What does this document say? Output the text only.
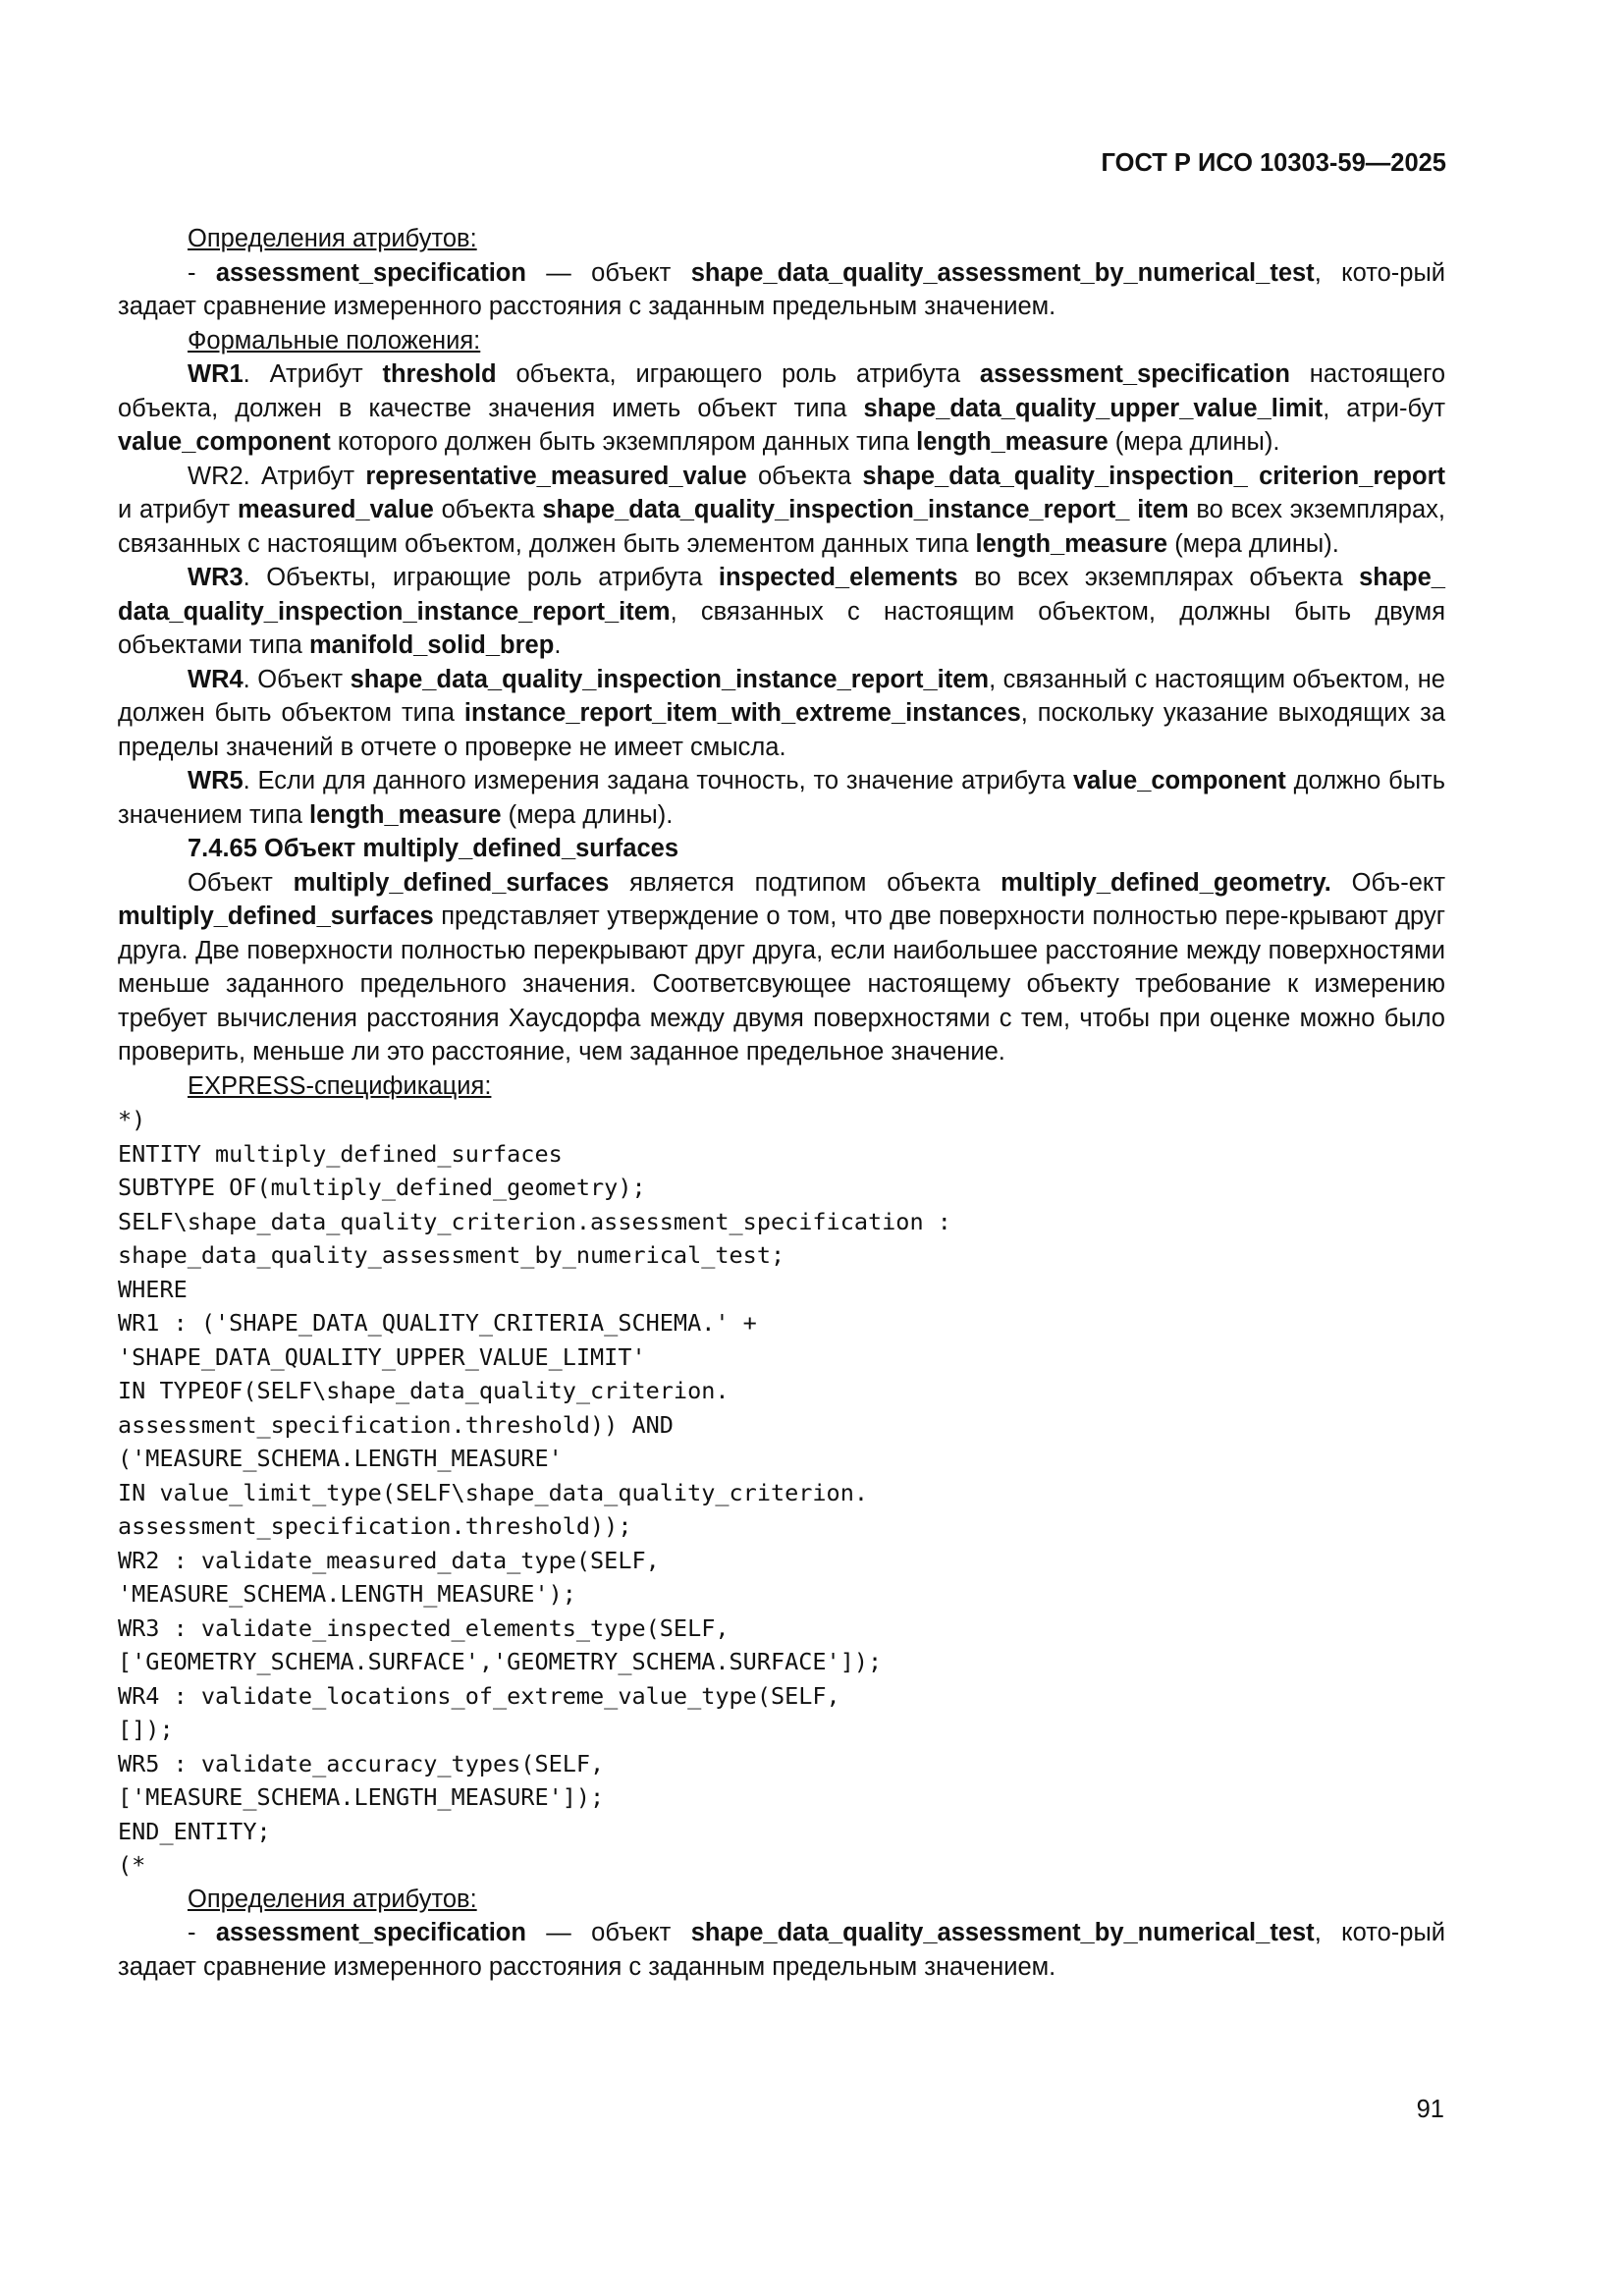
ГОСТ Р ИСО 10303-59—2025
Определения атрибутов:
- assessment_specification — объект shape_data_quality_assessment_by_numerical_test, кото-рый задает сравнение измеренного расстояния с заданным предельным значением.
Формальные положения:
WR1. Атрибут threshold объекта, играющего роль атрибута assessment_specification настоящего объекта, должен в качестве значения иметь объект типа shape_data_quality_upper_value_limit, атри-бут value_component которого должен быть экземпляром данных типа length_measure (мера длины).
WR2. Атрибут representative_measured_value объекта shape_data_quality_inspection_ criterion_report и атрибут measured_value объекта shape_data_quality_inspection_instance_report_ item во всех экземплярах, связанных с настоящим объектом, должен быть элементом данных типа length_measure (мера длины).
WR3. Объекты, играющие роль атрибута inspected_elements во всех экземплярах объекта shape_ data_quality_inspection_instance_report_item, связанных с настоящим объектом, должны быть двумя объектами типа manifold_solid_brep.
WR4. Объект shape_data_quality_inspection_instance_report_item, связанный с настоящим объектом, не должен быть объектом типа instance_report_item_with_extreme_instances, поскольку указание выходящих за пределы значений в отчете о проверке не имеет смысла.
WR5. Если для данного измерения задана точность, то значение атрибута value_component должно быть значением типа length_measure (мера длины).
7.4.65 Объект multiply_defined_surfaces
Объект multiply_defined_surfaces является подтипом объекта multiply_defined_geometry. Объ-ект multiply_defined_surfaces представляет утверждение о том, что две поверхности полностью пере-крывают друг друга. Две поверхности полностью перекрывают друг друга, если наибольшее расстояние между поверхностями меньше заданного предельного значения. Соответсвующее настоящему объекту требование к измерению требует вычисления расстояния Хаусдорфа между двумя поверхностями с тем, чтобы при оценке можно было проверить, меньше ли это расстояние, чем заданное предельное значение.
EXPRESS-спецификация:
*)
ENTITY multiply_defined_surfaces
SUBTYPE OF(multiply_defined_geometry);
SELF\shape_data_quality_criterion.assessment_specification :
shape_data_quality_assessment_by_numerical_test;
WHERE
WR1 : ('SHAPE_DATA_QUALITY_CRITERIA_SCHEMA.' +
'SHAPE_DATA_QUALITY_UPPER_VALUE_LIMIT'
IN TYPEOF(SELF\shape_data_quality_criterion.
assessment_specification.threshold)) AND
('MEASURE_SCHEMA.LENGTH_MEASURE'
IN value_limit_type(SELF\shape_data_quality_criterion.
assessment_specification.threshold));
WR2 : validate_measured_data_type(SELF,
'MEASURE_SCHEMA.LENGTH_MEASURE');
WR3 : validate_inspected_elements_type(SELF,
['GEOMETRY_SCHEMA.SURFACE','GEOMETRY_SCHEMA.SURFACE']);
WR4 : validate_locations_of_extreme_value_type(SELF,
[]);
WR5 : validate_accuracy_types(SELF,
['MEASURE_SCHEMA.LENGTH_MEASURE']);
END_ENTITY;
(*
Определения атрибутов:
- assessment_specification — объект shape_data_quality_assessment_by_numerical_test, кото-рый задает сравнение измеренного расстояния с заданным предельным значением.
91
